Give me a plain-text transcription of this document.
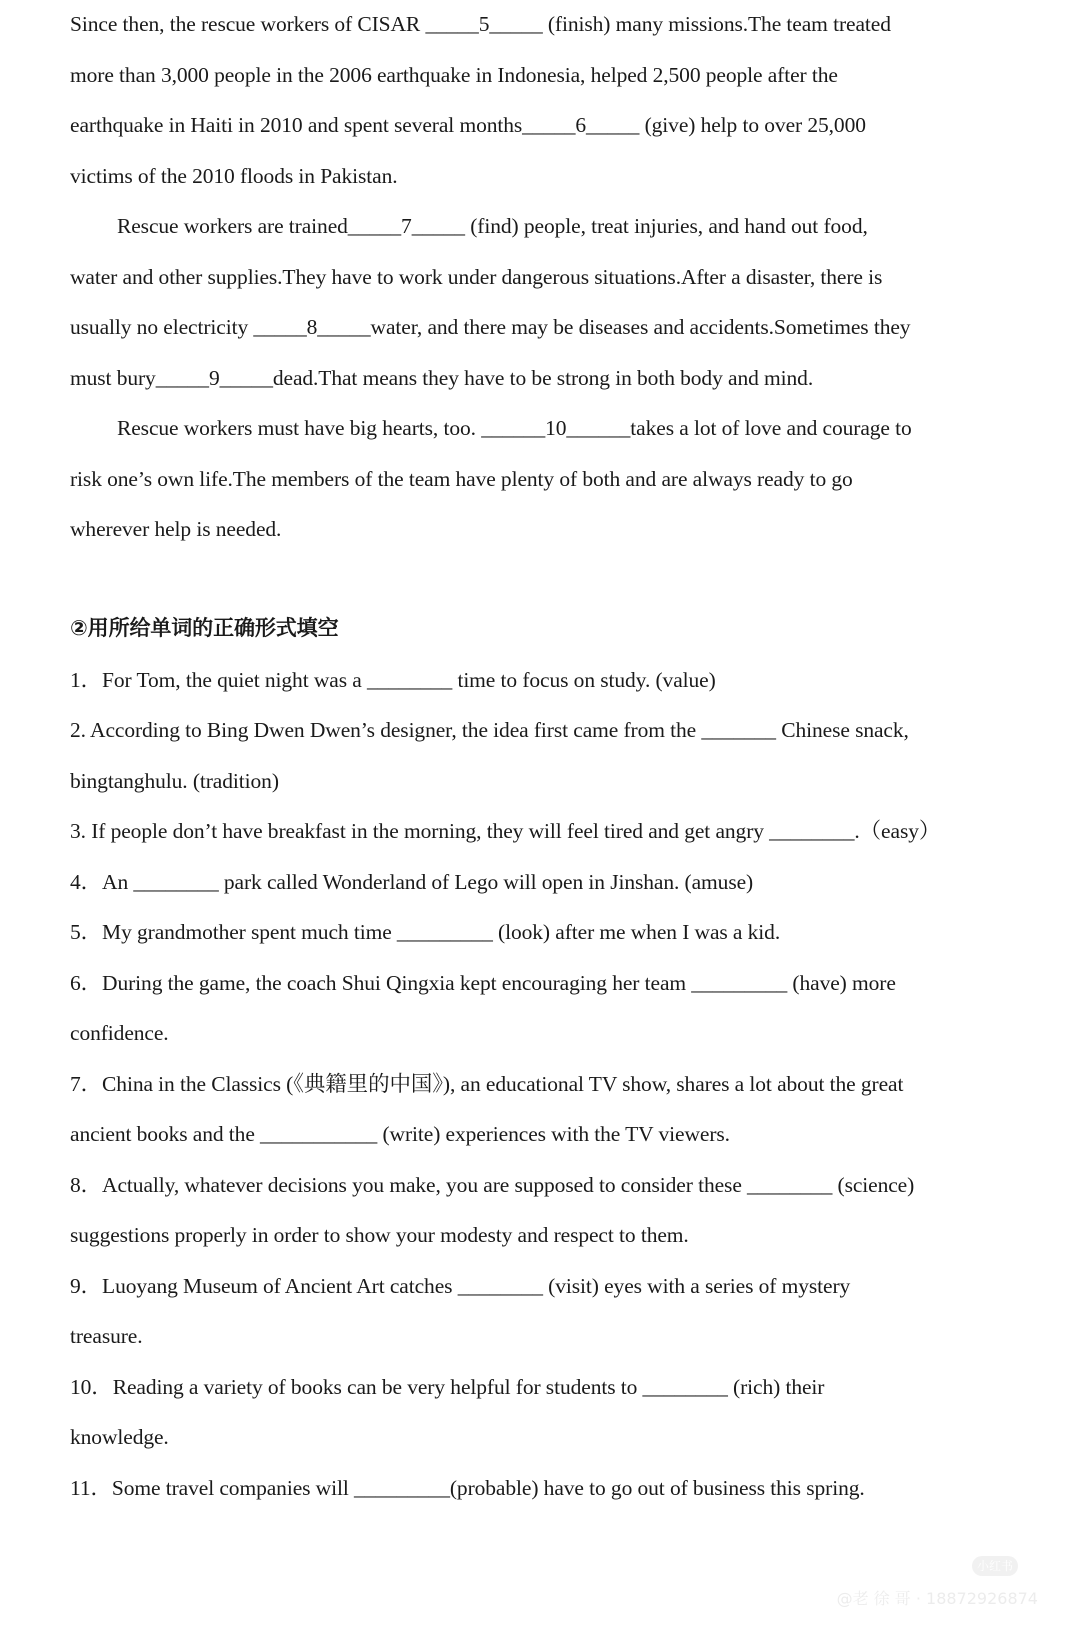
Since then, the rescue workers of CISAR _____5_____ (finish) many missions.The team treated
more than 3,000 people in the 2006 earthquake in Indonesia, helped 2,500 people after the
earthquake in Haiti in 2010 and spent several months_____6_____ (give) help to over 25,000
victims of the 2010 floods in Pakistan.
Rescue workers are trained_____7_____ (find) people, treat injuries, and hand out food,
water and other supplies.They have to work under dangerous situations.After a disaster, there is
usually no electricity _____8_____water, and there may be diseases and accidents.Sometimes they
must bury_____9_____dead.That means they have to be strong in both body and mind.
Rescue workers must have big hearts, too. ______10______takes a lot of love and courage to
risk one’s own life.The members of the team have plenty of both and are always ready to go
wherever help is needed.
②用所给单词的正确形式填空
1．For Tom, the quiet night was a ________ time to focus on study. (value)
2. According to Bing Dwen Dwen’s designer, the idea first came from the _______ Chinese snack,
bingtanghulu. (tradition)
3. If people don’t have breakfast in the morning, they will feel tired and get angry ________.（easy）
4．An ________ park called Wonderland of Lego will open in Jinshan. (amuse)
5．My grandmother spent much time _________ (look) after me when I was a kid.
6．During the game, the coach Shui Qingxia kept encouraging her team _________ (have) more
confidence.
7．China in the Classics (《典籍里的中国》), an educational TV show, shares a lot about the great
ancient books and the ___________ (write) experiences with the TV viewers.
8．Actually, whatever decisions you make, you are supposed to consider these ________ (science)
suggestions properly in order to show your modesty and respect to them.
9．Luoyang Museum of Ancient Art catches ________ (visit) eyes with a series of mystery
treasure.
10．Reading a variety of books can be very helpful for students to ________ (rich) their
knowledge.
11．Some travel companies will _________(probable) have to go out of business this spring.
小红书
@老 徐 哥 · 18872926874
